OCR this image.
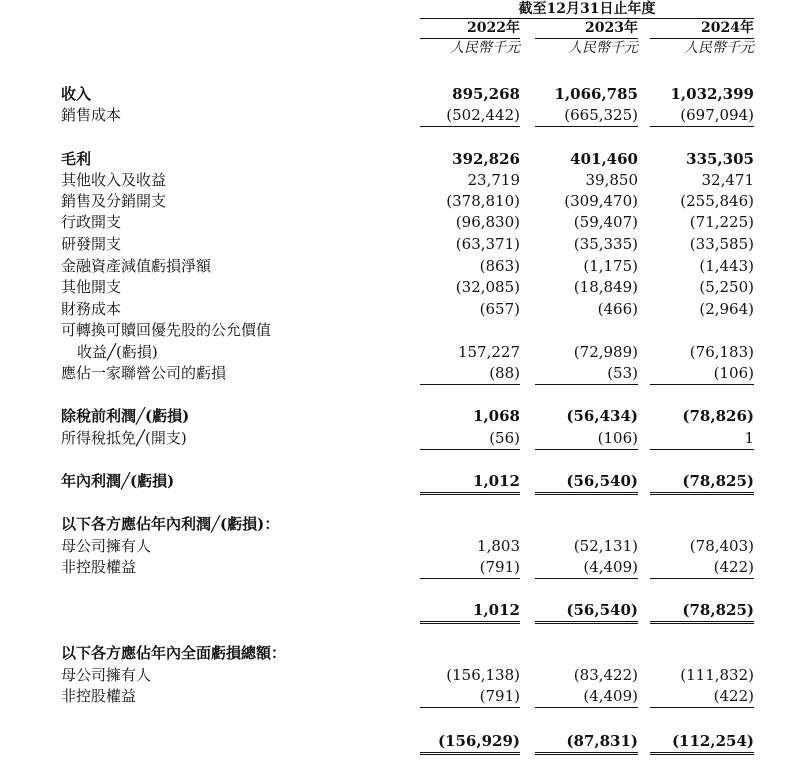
截至12月31日止年度
2022年	2023年	2024年
人民幣千元	人民幣千元	人民幣千元
收入	895,268	1,066,785	1,032,399
銷售成本	(502,442)	(665,325)	(697,094)
毛利	392,826	401,460	335,305
其他收入及收益	23,719	39,850	32,471
銷售及分銷開支	(378,810)	(309,470)	(255,846)
行政開支	(96,830)	(59,407)	(71,225)
研發開支	(63,371)	(35,335)	(33,585)
金融資產減值虧損淨額	(863)	(1,175)	(1,443)
其他開支	(32,085)	(18,849)	(5,250)
財務成本	(657)	(466)	(2,964)
可轉換可贖回優先股的公允價值
收益╱(虧損)	157,227	(72,989)	(76,183)
應佔一家聯營公司的虧損	(88)	(53)	(106)
除稅前利潤╱(虧損)	1,068	(56,434)	(78,826)
所得稅抵免╱(開支)	(56)	(106)	1
年內利潤╱(虧損)	1,012	(56,540)	(78,825)
以下各方應佔年內利潤╱(虧損)：
母公司擁有人	1,803	(52,131)	(78,403)
非控股權益	(791)	(4,409)	(422)
1,012	(56,540)	(78,825)
以下各方應佔年內全面虧損總額：
母公司擁有人	(156,138)	(83,422)	(111,832)
非控股權益	(791)	(4,409)	(422)
(156,929)	(87,831)	(112,254)
